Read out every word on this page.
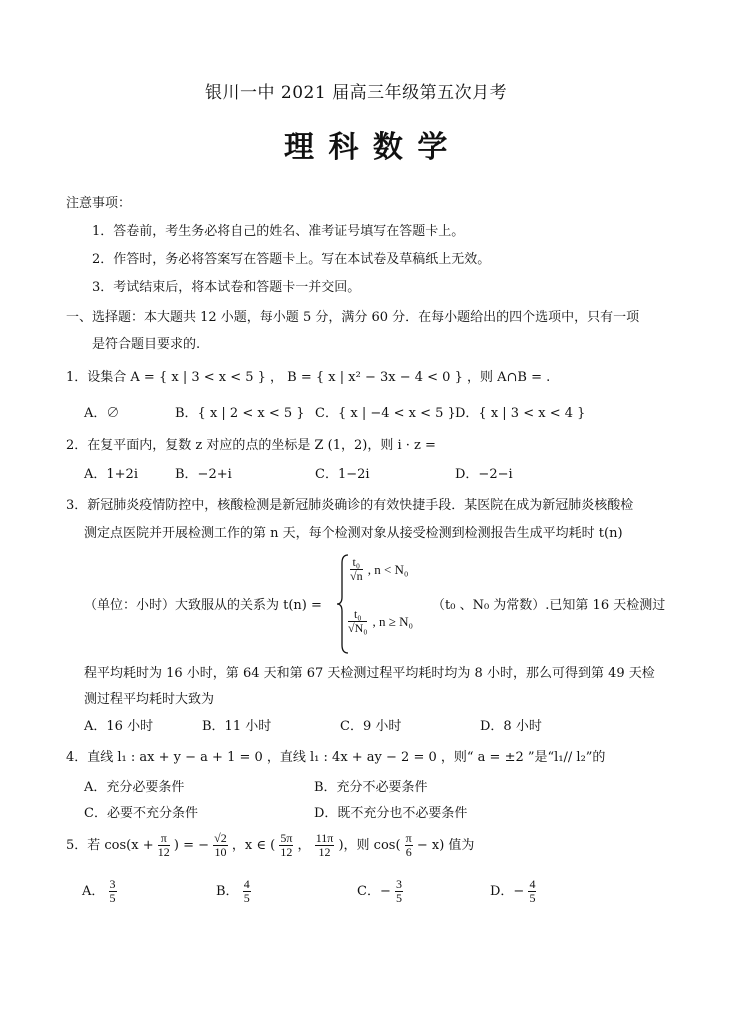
银川一中 2021 届高三年级第五次月考
理 科 数 学
注意事项：
1．答卷前，考生务必将自己的姓名、准考证号填写在答题卡上。
2．作答时，务必将答案写在答题卡上。写在本试卷及草稿纸上无效。
3．考试结束后，将本试卷和答题卡一并交回。
一、选择题：本大题共 12 小题，每小题 5 分，满分 60 分．在每小题给出的四个选项中，只有一项
是符合题目要求的.
1．设集合 A = { x | 3 < x < 5 } ， B = { x | x² − 3x − 4 < 0 } ，则 A∩B = .
A．∅	B．{ x | 2 < x < 5 } C．{ x | −4 < x < 5 } D．{ x | 3 < x < 4 }
2．在复平面内，复数 z 对应的点的坐标是 Z (1，2)，则 i · z =
A．1+2i	B．−2+i	C．1−2i	D．−2−i
3．新冠肺炎疫情防控中，核酸检测是新冠肺炎确诊的有效快捷手段．某医院在成为新冠肺炎核酸检
测定点医院并开展检测工作的第 n 天，每个检测对象从接受检测到检测报告生成平均耗时 t(n)
（单位：小时）大致服从的关系为 t(n) =
$\frac{\text{t₀}}{√n}$ , n < N₀
$\frac{\text{t₀}}{\text{√N₀}}$ , n ≥ N₀
（t₀ 、N₀ 为常数）.已知第 16 天检测过
程平均耗时为 16 小时，第 64 天和第 67 天检测过程平均耗时均为 8 小时，那么可得到第 49 天检
测过程平均耗时大致为
A．16 小时	B．11 小时	C．9 小时	D．8 小时
4．直线 l₁ : ax + y − a + 1 = 0 ，直线 l₁ : 4x + ay − 2 = 0 ，则“ a = ±2 ”是“l₁// l₂”的
A．充分必要条件	B．充分不必要条件
C．必要不充分条件	D．既不充分也不必要条件
5．若 $\cos(x + \frac{\pi}{12}$ ) = − $\frac{√2}{10}$ ，x ∈ ( $\frac{5\pi}{12}$ ， $\frac{11\pi}{12}$ )，则 $\cos( \frac{\pi}{6} - x)$ 值为
A． $\frac{3}{5}$	B． $\frac{4}{5}$	C．− $\frac{3}{5}$	D．− $\frac{4}{5}$
